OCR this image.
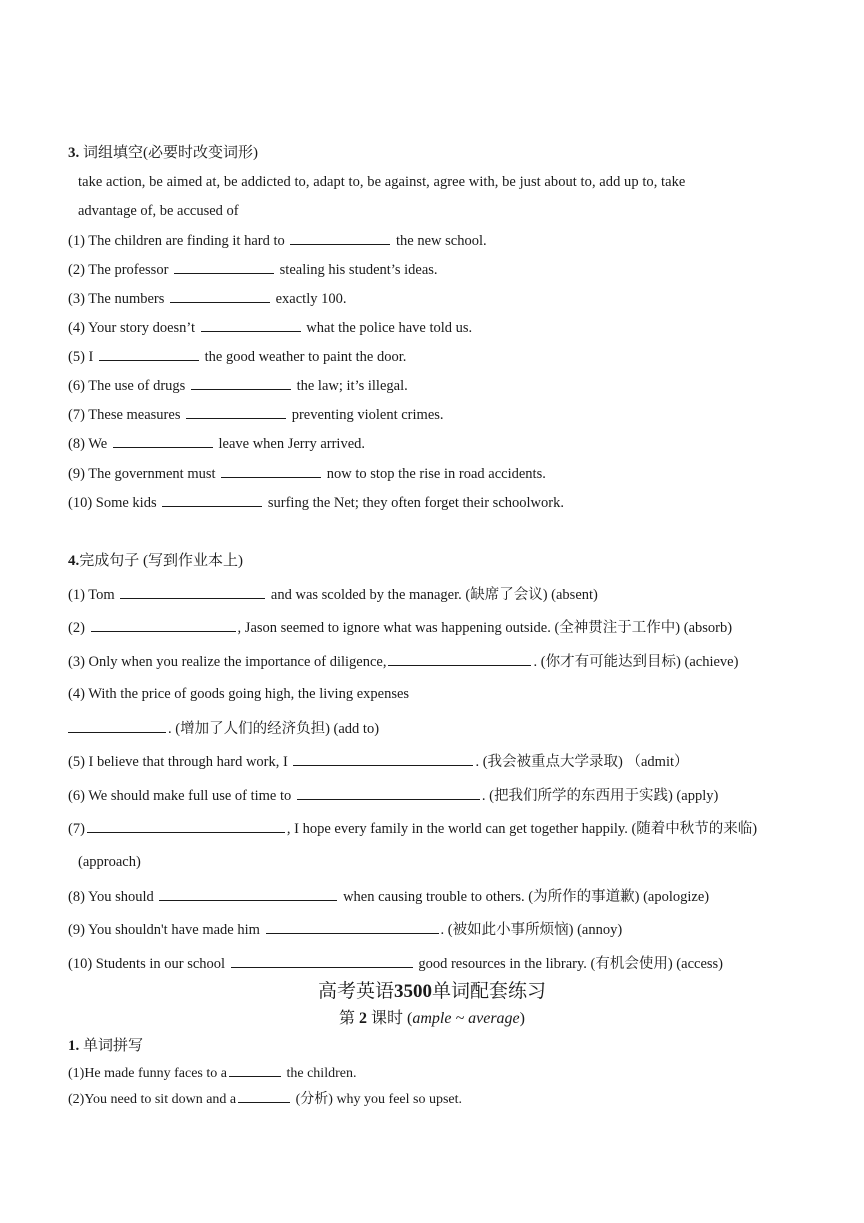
3. 词组填空(必要时改变词形)
take action, be aimed at, be addicted to, adapt to, be against, agree with, be just about to, add up to, take
advantage of, be accused of
(1) The children are finding it hard to	the new school.
(2) The professor	stealing his student’s ideas.
(3) The numbers	exactly 100.
(4) Your story doesn’t	what the police have told us.
(5) I	the good weather to paint the door.
(6) The use of drugs	the law; it’s illegal.
(7) These measures	preventing violent crimes.
(8) We	leave when Jerry arrived.
(9) The government must	now to stop the rise in road accidents.
(10) Some kids	surfing the Net; they often forget their schoolwork.
4.完成句子 (写到作业本上)
(1) Tom	and was scolded by the manager. (缺席了会议) (absent)
(2)	, Jason seemed to ignore what was happening outside. (全神贯注于工作中) (absorb)
(3) Only when you realize the importance of diligence,	. (你才有可能达到目标) (achieve)
(4) With the price of goods going high, the living expenses
. (增加了人们的经济负担) (add to)
(5) I believe that through hard work, I	. (我会被重点大学录取) （admit）
(6) We should make full use of time to	. (把我们所学的东西用于实践) (apply)
(7)	, I hope every family in the world can get together happily. (随着中秋节的来临)
(approach)
(8) You should	when causing trouble to others. (为所作的事道歉) (apologize)
(9) You shouldn't have made him	. (被如此小事所烦恼) (annoy)
(10) Students in our school	good resources in the library. (有机会使用) (access)
高考英语3500单词配套练习
第 2 课时 (ample ~ average)
1. 单词拼写
(1)He made funny faces to a	the children.
(2)You need to sit down and a	(分析) why you feel so upset.
